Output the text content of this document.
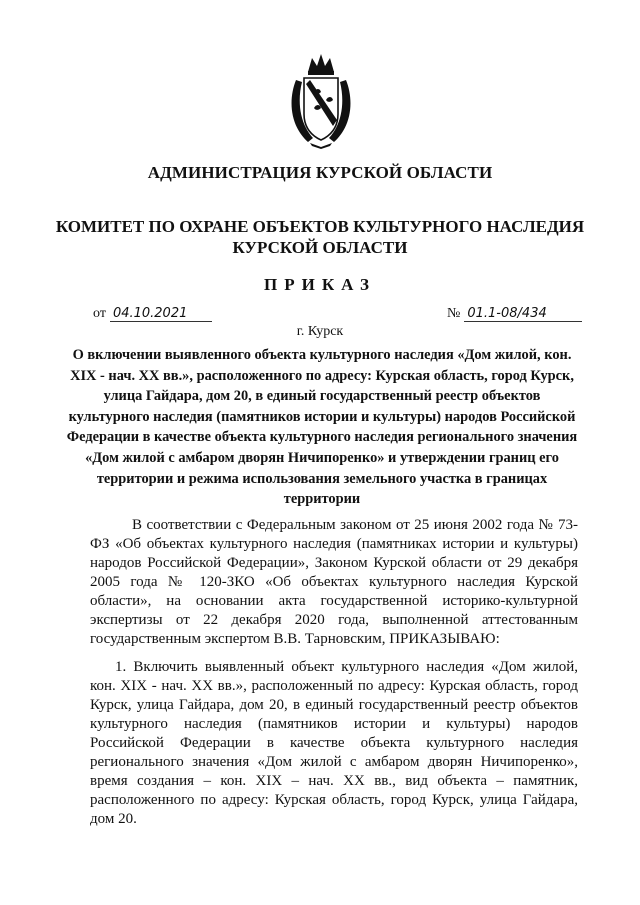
АДМИНИСТРАЦИЯ КУРСКОЙ ОБЛАСТИ
КОМИТЕТ ПО ОХРАНЕ ОБЪЕКТОВ КУЛЬТУРНОГО НАСЛЕДИЯ
КУРСКОЙ ОБЛАСТИ
ПРИКАЗ
от 04.10.2021	№ 01.1-08/434
г. Курск
О включении выявленного объекта культурного наследия «Дом жилой, кон. XIX - нач. XX вв.», расположенного по адресу: Курская область, город Курск, улица Гайдара, дом 20, в единый государственный реестр объектов культурного наследия (памятников истории и культуры) народов Российской Федерации в качестве объекта культурного наследия регионального значения «Дом жилой с амбаром дворян Ничипоренко» и утверждении границ его территории и режима использования земельного участка в границах территории
В соответствии с Федеральным законом от 25 июня 2002 года № 73-ФЗ «Об объектах культурного наследия (памятниках истории и культуры) народов Российской Федерации», Законом Курской области от 29 декабря 2005 года № 120-ЗКО «Об объектах культурного наследия Курской области», на основании акта государственной историко-культурной экспертизы от 22 декабря 2020 года, выполненной аттестованным государственным экспертом В.В. Тарновским, ПРИКАЗЫВАЮ:
1. Включить выявленный объект культурного наследия «Дом жилой, кон. XIX - нач. XX вв.», расположенный по адресу: Курская область, город Курск, улица Гайдара, дом 20, в единый государственный реестр объектов культурного наследия (памятников истории и культуры) народов Российской Федерации в качестве объекта культурного наследия регионального значения «Дом жилой с амбаром дворян Ничипоренко», время создания – кон. XIX – нач. XX вв., вид объекта – памятник, расположенного по адресу: Курская область, город Курск, улица Гайдара, дом 20.
